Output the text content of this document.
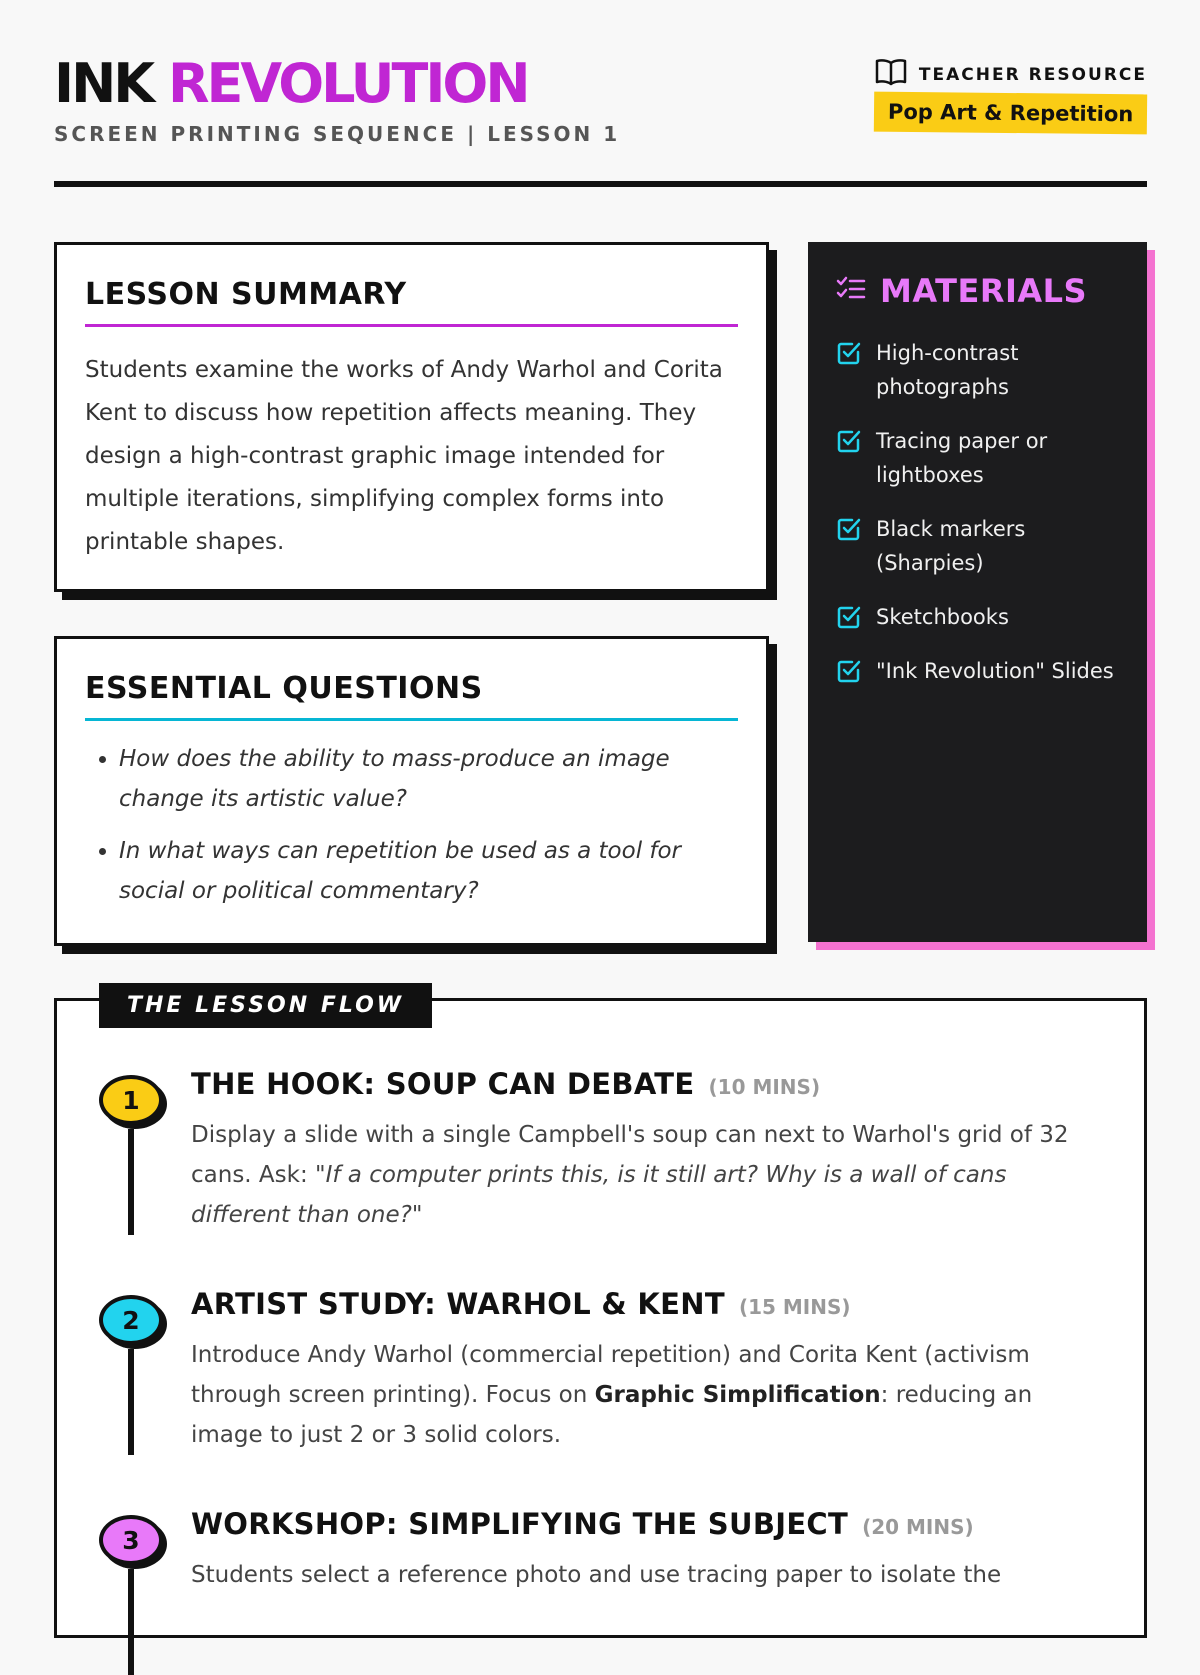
INK REVOLUTION
SCREEN PRINTING SEQUENCE | LESSON 1
TEACHER RESOURCE
Pop Art & Repetition
LESSON SUMMARY

Students examine the works of Andy Warhol and Corita Kent to discuss how repetition affects meaning. They design a high-contrast graphic image intended for multiple iterations, simplifying complex forms into printable shapes.

ESSENTIAL QUESTIONS
• How does the ability to mass-produce an image change its artistic value?
• In what ways can repetition be used as a tool for social or political commentary?
MATERIALS
High-contrast photographs
Tracing paper or lightboxes
Black markers (Sharpies)
Sketchbooks
"Ink Revolution" Slides
THE LESSON FLOW
1	THE HOOK: SOUP CAN DEBATE (10 MINS)

Display a slide with a single Campbell's soup can next to Warhol's grid of 32 cans. Ask: "If a computer prints this, is it still art? Why is a wall of cans different than one?"

2	ARTIST STUDY: WARHOL & KENT (15 MINS)

Introduce Andy Warhol (commercial repetition) and Corita Kent (activism through screen printing). Focus on Graphic Simplification: reducing an image to just 2 or 3 solid colors.

3	WORKSHOP: SIMPLIFYING THE SUBJECT (20 MINS)

Students select a reference photo and use tracing paper to isolate the
